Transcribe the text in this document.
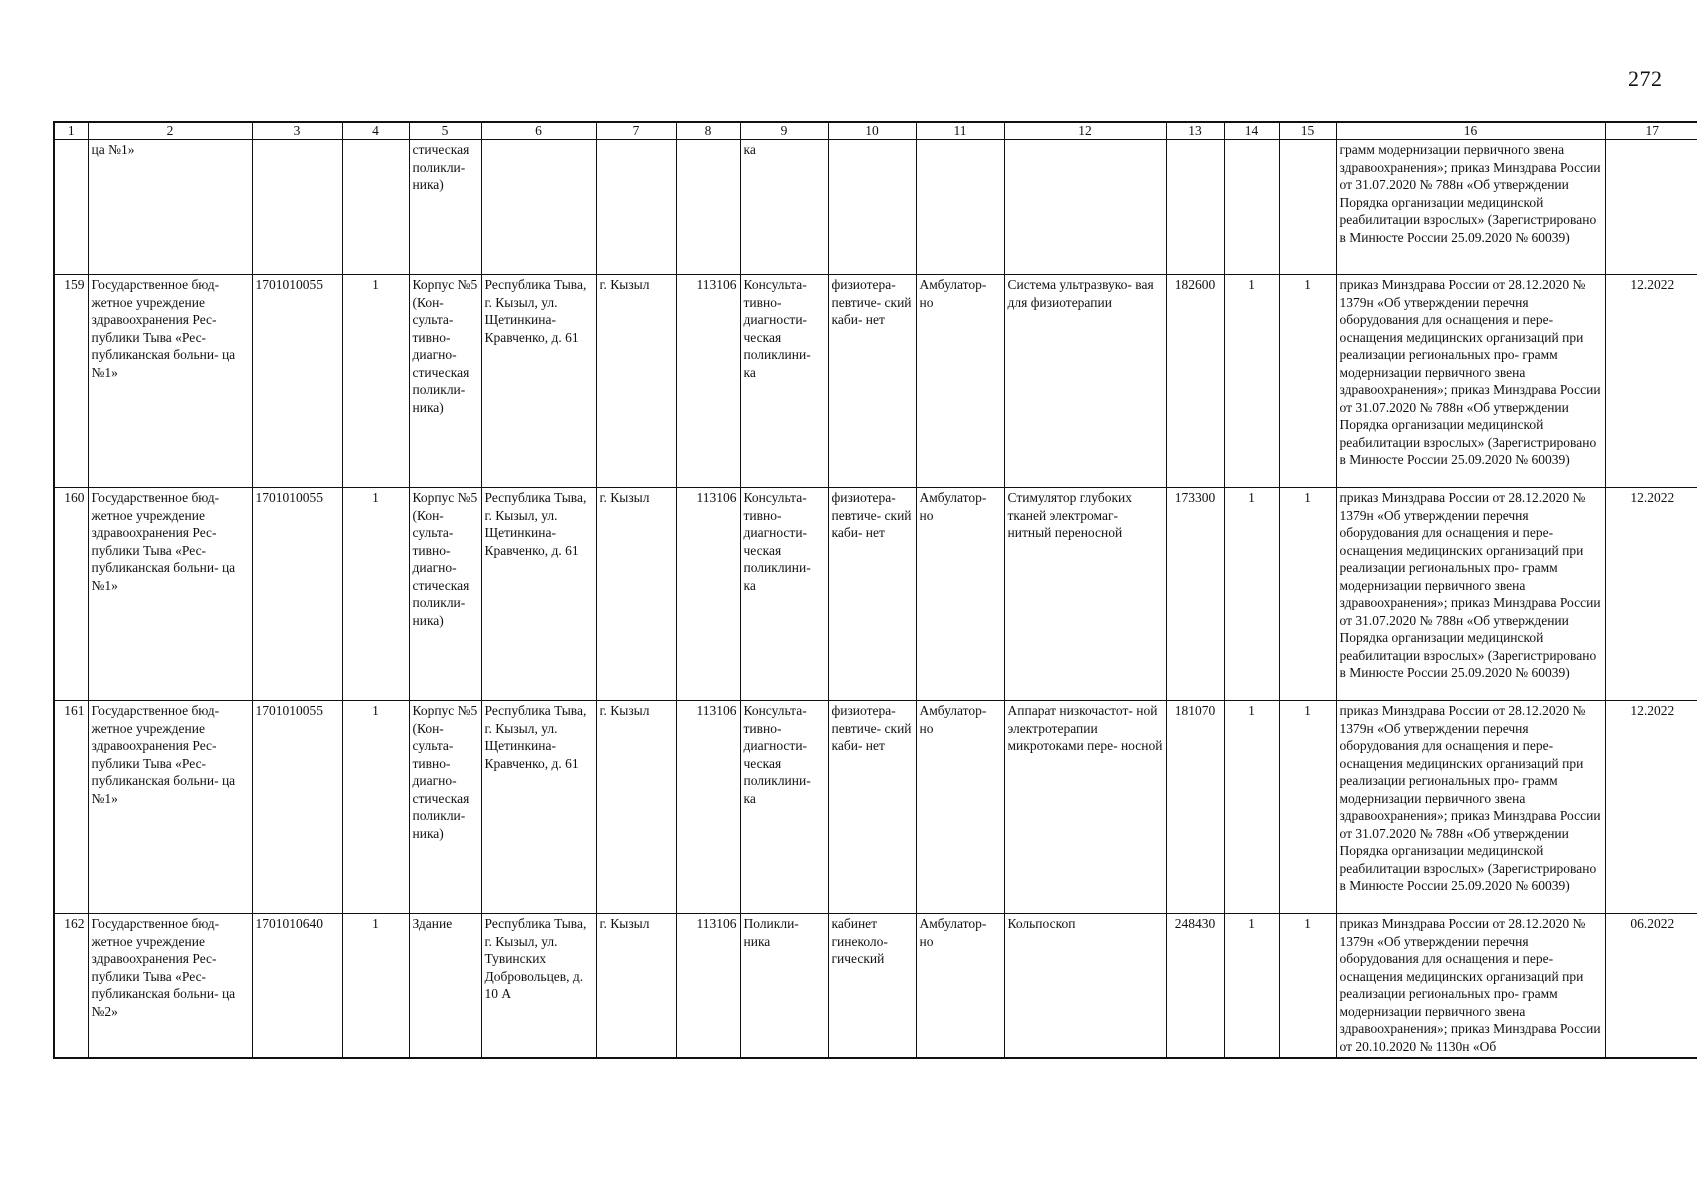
272
1	2	3	4	5	6	7	8	9	10	11	12	13	14	15	16	17
	ца №1»			стическая поликли- ника)				ка							грамм модернизации первичного звена здравоохранения»; приказ Минздрава России от 31.07.2020 № 788н «Об утверждении Порядка организации медицинской реабилитации взрослых» (Зарегистрировано в Минюсте России 25.09.2020 № 60039)	
159	Государственное бюд- жетное учреждение здравоохранения Рес- публики Тыва «Рес- публиканская больни- ца №1»	1701010055	1	Корпус №5 (Кон- сульта- тивно- диагно- стическая поликли- ника)	Республика Тыва, г. Кызыл, ул. Щетинкина- Кравченко, д. 61	г. Кызыл	113106	Консульта- тивно- диагности- ческая поликлини- ка	физиотера- певтиче- ский каби- нет	Амбулатор- но	Система ультразвуко- вая для физиотерапии	182600	1	1	приказ Минздрава России от 28.12.2020 № 1379н «Об утверждении перечня оборудования для оснащения и пере- оснащения медицинских организаций при реализации региональных про- грамм модернизации первичного звена здравоохранения»; приказ Минздрава России от 31.07.2020 № 788н «Об утверждении Порядка организации медицинской реабилитации взрослых» (Зарегистрировано в Минюсте России 25.09.2020 № 60039)	12.2022
160	Государственное бюд- жетное учреждение здравоохранения Рес- публики Тыва «Рес- публиканская больни- ца №1»	1701010055	1	Корпус №5 (Кон- сульта- тивно- диагно- стическая поликли- ника)	Республика Тыва, г. Кызыл, ул. Щетинкина- Кравченко, д. 61	г. Кызыл	113106	Консульта- тивно- диагности- ческая поликлини- ка	физиотера- певтиче- ский каби- нет	Амбулатор- но	Стимулятор глубоких тканей электромаг- нитный переносной	173300	1	1	приказ Минздрава России от 28.12.2020 № 1379н «Об утверждении перечня оборудования для оснащения и пере- оснащения медицинских организаций при реализации региональных про- грамм модернизации первичного звена здравоохранения»; приказ Минздрава России от 31.07.2020 № 788н «Об утверждении Порядка организации медицинской реабилитации взрослых» (Зарегистрировано в Минюсте России 25.09.2020 № 60039)	12.2022
161	Государственное бюд- жетное учреждение здравоохранения Рес- публики Тыва «Рес- публиканская больни- ца №1»	1701010055	1	Корпус №5 (Кон- сульта- тивно- диагно- стическая поликли- ника)	Республика Тыва, г. Кызыл, ул. Щетинкина- Кравченко, д. 61	г. Кызыл	113106	Консульта- тивно- диагности- ческая поликлини- ка	физиотера- певтиче- ский каби- нет	Амбулатор- но	Аппарат низкочастот- ной электротерапии микротоками пере- носной	181070	1	1	приказ Минздрава России от 28.12.2020 № 1379н «Об утверждении перечня оборудования для оснащения и пере- оснащения медицинских организаций при реализации региональных про- грамм модернизации первичного звена здравоохранения»; приказ Минздрава России от 31.07.2020 № 788н «Об утверждении Порядка организации медицинской реабилитации взрослых» (Зарегистрировано в Минюсте России 25.09.2020 № 60039)	12.2022
162	Государственное бюд- жетное учреждение здравоохранения Рес- публики Тыва «Рес- публиканская больни- ца №2»	1701010640	1	Здание	Республика Тыва, г. Кызыл, ул. Тувинских Добровольцев, д. 10 А	г. Кызыл	113106	Поликли- ника	кабинет гинеколо- гический	Амбулатор- но	Кольпоскоп	248430	1	1	приказ Минздрава России от 28.12.2020 № 1379н «Об утверждении перечня оборудования для оснащения и пере- оснащения медицинских организаций при реализации региональных про- грамм модернизации первичного звена здравоохранения»; приказ Минздрава России от 20.10.2020 № 1130н «Об	06.2022
